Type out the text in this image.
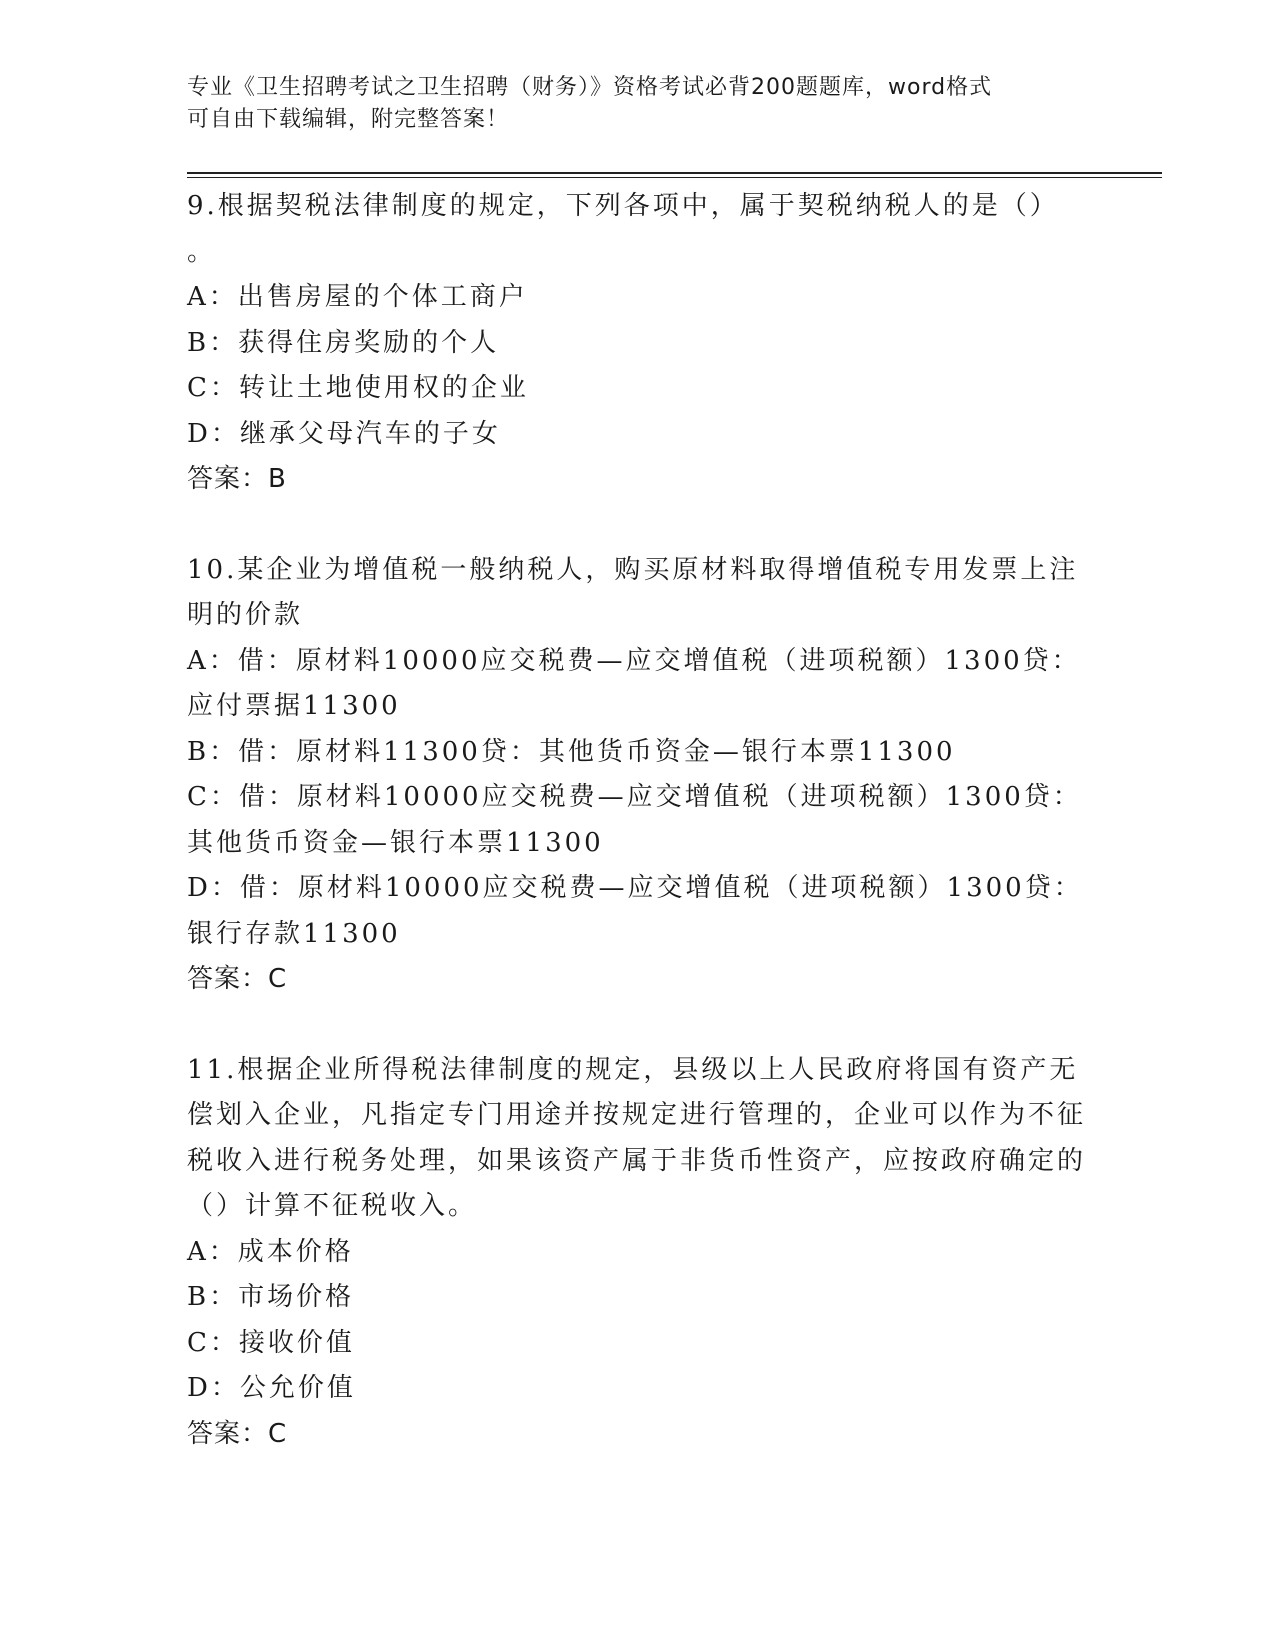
专业《卫生招聘考试之卫生招聘（财务）》资格考试必背200题题库，word格式
可自由下载编辑，附完整答案！

9.根据契税法律制度的规定，下列各项中，属于契税纳税人的是（）

。

A：出售房屋的个体工商户

B：获得住房奖励的个人

C：转让土地使用权的企业

D：继承父母汽车的子女

答案：B

10.某企业为增值税一般纳税人，购买原材料取得增值税专用发票上注明的价款

A：借：原材料10000应交税费—应交增值税（进项税额）1300贷：应付票据11300

B：借：原材料11300贷：其他货币资金—银行本票11300

C：借：原材料10000应交税费—应交增值税（进项税额）1300贷：其他货币资金—银行本票11300

D：借：原材料10000应交税费—应交增值税（进项税额）1300贷：银行存款11300

答案：C

11.根据企业所得税法律制度的规定，县级以上人民政府将国有资产无偿划入企业，凡指定专门用途并按规定进行管理的，企业可以作为不征税收入进行税务处理，如果该资产属于非货币性资产，应按政府确定的（）计算不征税收入。

A：成本价格

B：市场价格

C：接收价值

D：公允价值

答案：C
